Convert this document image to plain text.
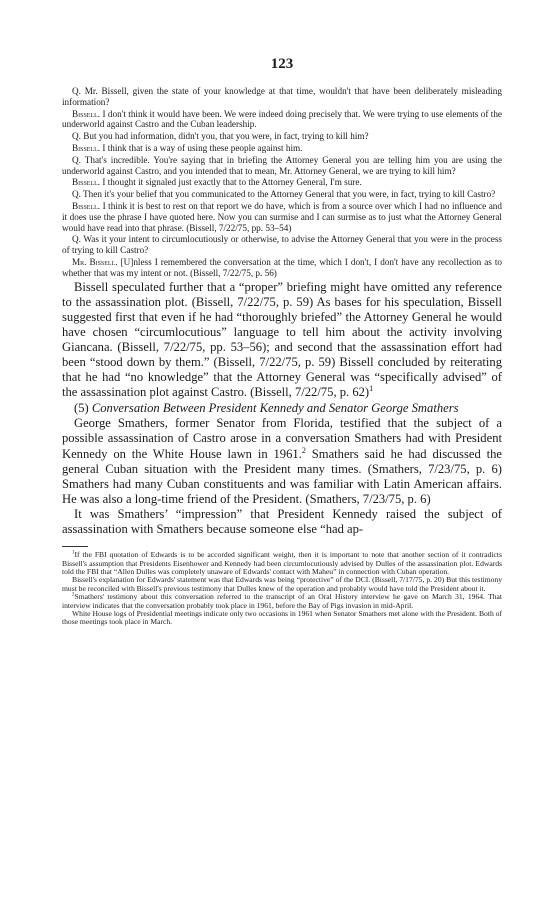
123

Q. Mr. Bissell, given the state of your knowledge at that time, wouldn't that have been deliberately misleading information?

Bissell. I don't think it would have been. We were indeed doing precisely that. We were trying to use elements of the underworld against Castro and the Cuban leadership.

Q. But you had information, didn't you, that you were, in fact, trying to kill him?

Bissell. I think that is a way of using these people against him.

Q. That's incredible. You're saying that in briefing the Attorney General you are telling him you are using the underworld against Castro, and you intended that to mean, Mr. Attorney General, we are trying to kill him?

Bissell. I thought it signaled just exactly that to the Attorney General, I'm sure.

Q. Then it's your belief that you communicated to the Attorney General that you were, in fact, trying to kill Castro?

Bissell. I think it is best to rest on that report we do have, which is from a source over which I had no influence and it does use the phrase I have quoted here. Now you can surmise and I can surmise as to just what the Attorney General would have read into that phrase. (Bissell, 7/22/75, pp. 53–54)

Q. Was it your intent to circumlocutiously or otherwise, to advise the Attorney General that you were in the process of trying to kill Castro?

Mr. Bissell. [U]nless I remembered the conversation at the time, which I don't, I don't have any recollection as to whether that was my intent or not. (Bissell, 7/22/75, p. 56)

Bissell speculated further that a “proper” briefing might have omitted any reference to the assassination plot. (Bissell, 7/22/75, p. 59) As bases for his speculation, Bissell suggested first that even if he had “thoroughly briefed” the Attorney General he would have chosen “circumlocutious” language to tell him about the activity involving Giancana. (Bissell, 7/22/75, pp. 53–56); and second that the assassination effort had been “stood down by them.” (Bissell, 7/22/75, p. 59) Bissell concluded by reiterating that he had “no knowledge” that the Attorney General was “specifically advised” of the assassination plot against Castro. (Bissell, 7/22/75, p. 62)$^1$

(5) Conversation Between President Kennedy and Senator George Smathers

George Smathers, former Senator from Florida, testified that the subject of a possible assassination of Castro arose in a conversation Smathers had with President Kennedy on the White House lawn in 1961.$^2$ Smathers said he had discussed the general Cuban situation with the President many times. (Smathers, 7/23/75, p. 6) Smathers had many Cuban constituents and was familiar with Latin American affairs. He was also a long-time friend of the President. (Smathers, 7/23/75, p. 6)

It was Smathers’ “impression” that President Kennedy raised the subject of assassination with Smathers because someone else “had ap-

$^1$If the FBI quotation of Edwards is to be accorded significant weight, then it is important to note that another section of it contradicts Bissell's assumption that Presidents Eisenhower and Kennedy had been circumlocutiously advised by Dulles of the assassination plot. Edwards told the FBI that “Allen Dulles was completely unaware of Edwards' contact with Maheu” in connection with Cuban operation.

Bissell's explanation for Edwards' statement was that Edwards was being “protective” of the DCI. (Bissell, 7/17/75, p. 20) But this testimony must be reconciled with Bissell's previous testimony that Dulles knew of the operation and probably would have told the President about it.

$^2$Smathers' testimony about this conversation referred to the transcript of an Oral History interview he gave on March 31, 1964. That interview indicates that the conversation probably took place in 1961, before the Bay of Pigs invasion in mid-April.

White House logs of Presidential meetings indicate only two occasions in 1961 when Senator Smathers met alone with the President. Both of those meetings took place in March.
